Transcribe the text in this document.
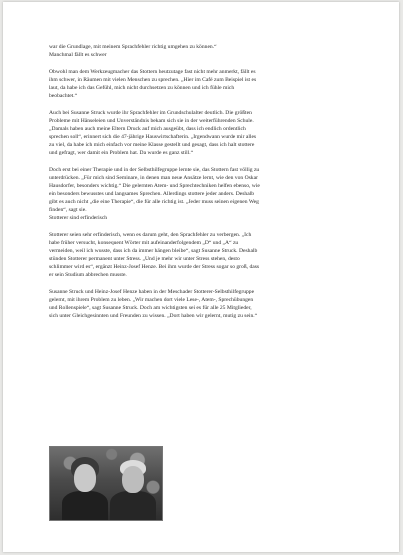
war die Grundlage, mit meinem Sprachfehler richtig umgehen zu können.“

Manchmal fällt es schwer

Obwohl man dem Werkzeugmacher das Stottern heutzutage fast nicht mehr anmerkt, fällt es

ihm schwer, in Räumen mit vielen Menschen zu sprechen. „Hier im Café zum Beispiel ist es

laut, da habe ich das Gefühl, mich nicht durchsetzen zu können und ich fühle mich

beobachtet.“

Auch bei Susanne Struck wurde ihr Sprachfehler im Grundschulalter deutlich. Die größten

Probleme mit Hänseleien und Unverständnis bekam sich sie in der weiterführenden Schule.

„Damals haben auch meine Eltern Druck auf mich ausgeübt, dass ich endlich ordentlich

sprechen soll“, erinnert sich die 47-jährige Hauswirtschafterin. „Irgendwann wurde mir alles

zu viel, da habe ich mich einfach vor meine Klasse gestellt und gesagt, dass ich halt stottere

und gefragt, wer damit ein Problem hat. Da wurde es ganz still.“

Doch erst bei einer Therapie und in der Selbsthilfegruppe lernte sie, das Stottern fast völlig zu

unterdrücken. „Für mich sind Seminare, in denen man neue Ansätze lernt, wie den von Oskar

Hausdorfer, besonders wichtig.“ Die gelernten Atem- und Sprechtechniken helfen ebenso, wie

ein besonders bewusstes und langsames Sprechen. Allerdings stottere jeder anders. Deshalb

gibt es auch nicht „die eine Therapie“, die für alle richtig ist. „Jeder muss seinen eigenen Weg

finden“, sagt sie.

Stotterer sind erfinderisch

Stotterer seien sehr erfinderisch, wenn es darum geht, den Sprachfehler zu verbergen. „Ich

habe früher versucht, konsequent Wörter mit aufeinanderfolgendem „D“ und „A“ zu

vermeiden, weil ich wusste, dass ich da immer hängen bleibe“, sagt Susanne Struck. Deshalb

stünden Stotterer permanent unter Stress. „Und je mehr wir unter Stress stehen, desto

schlimmer wird es“, ergänzt Heinz-Josef Henze. Bei ihm wurde der Stress sogar so groß, dass

er sein Studium abbrechen musste.

Susanne Struck und Heinz-Josef Henze haben in der Meschader Stotterer-Selbsthilfegruppe

gelernt, mit ihrem Problem zu leben. „Wir machen dort viele Lese-, Atem-, Sprechübungen

und Rollenspiele“, sagt Susanne Struck. Doch am wichtigsten sei es für alle 25 Mitglieder,

sich unter Gleichgesinnten und Freunden zu wissen. „Dort haben wir gelernt, mutig zu sein.“
